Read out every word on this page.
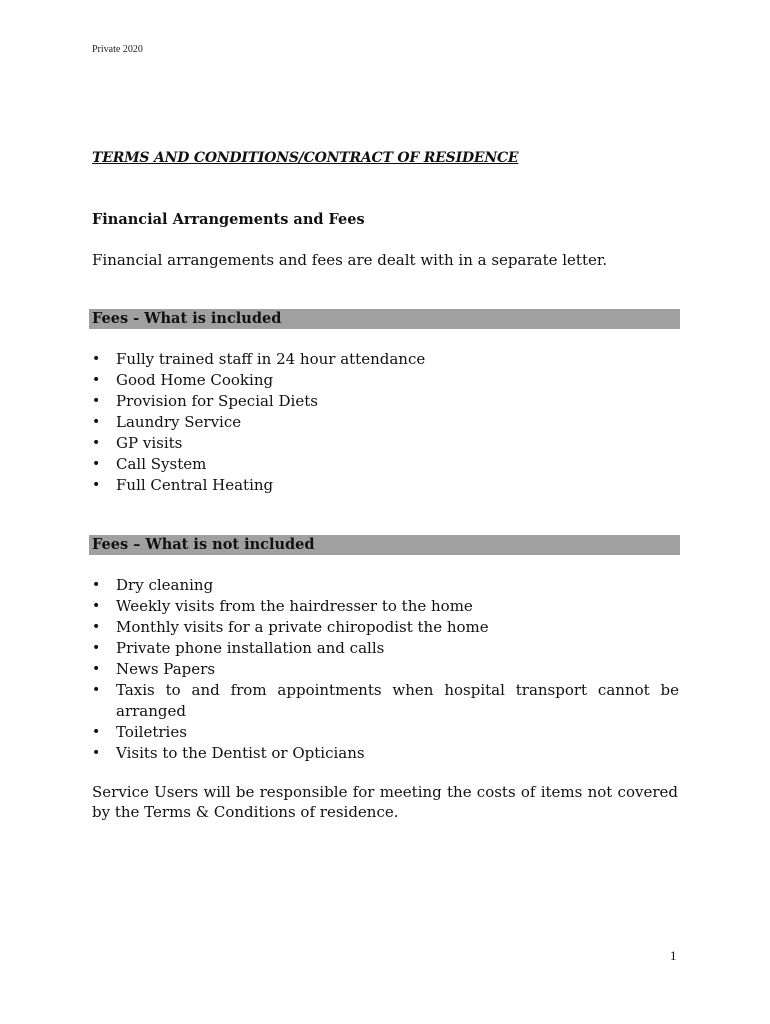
Private 2020
TERMS AND CONDITIONS/CONTRACT OF RESIDENCE
Financial Arrangements and Fees
Financial arrangements and fees are dealt with in a separate letter.
Fees - What is included
• Fully trained staff in 24 hour attendance
• Good Home Cooking
• Provision for Special Diets
• Laundry Service
• GP visits
• Call System
• Full Central Heating
Fees – What is not included
• Dry cleaning
• Weekly visits from the hairdresser to the home
• Monthly visits for a private chiropodist the home
• Private phone installation and calls
• News Papers
• Taxis to and from appointments when hospital transport cannot be arranged
• Toiletries
• Visits to the Dentist or Opticians
Service Users will be responsible for meeting the costs of items not covered by the Terms & Conditions of residence.
1
